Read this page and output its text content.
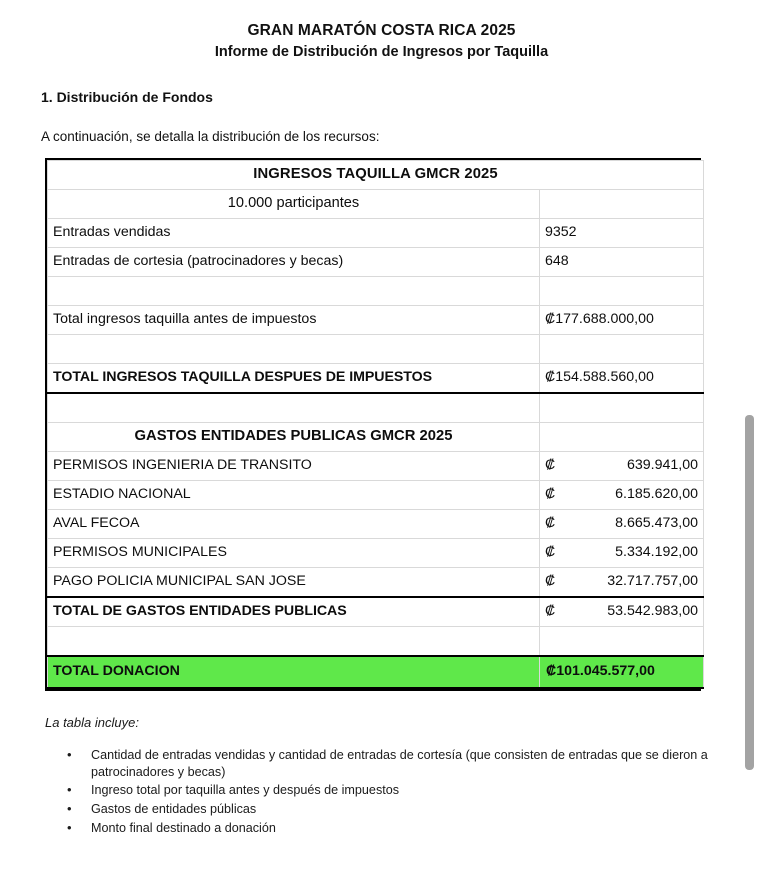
GRAN MARATÓN COSTA RICA 2025
Informe de Distribución de Ingresos por Taquilla
1. Distribución de Fondos
A continuación, se detalla la distribución de los recursos:
INGRESOS TAQUILLA GMCR 2025	
10.000 participantes	
Entradas vendidas	9352
Entradas de cortesia (patrocinadores y becas)	648

Total ingresos taquilla antes de impuestos	₡177.688.000,00

TOTAL INGRESOS TAQUILLA DESPUES DE IMPUESTOS	₡154.588.560,00

GASTOS ENTIDADES PUBLICAS GMCR 2025	
PERMISOS INGENIERIA DE TRANSITO	₡ 639.941,00

ESTADIO NACIONAL	₡ 6.185.620,00

AVAL FECOA	₡ 8.665.473,00

PERMISOS MUNICIPALES	₡ 5.334.192,00

PAGO POLICIA MUNICIPAL SAN JOSE	₡ 32.717.757,00

TOTAL DE GASTOS ENTIDADES PUBLICAS	₡ 53.542.983,00

TOTAL DONACION	₡101.045.577,00
La tabla incluye:
• Cantidad de entradas vendidas y cantidad de entradas de cortesía (que consisten de entradas que se dieron a patrocinadores y becas)
• Ingreso total por taquilla antes y después de impuestos
• Gastos de entidades públicas
• Monto final destinado a donación
